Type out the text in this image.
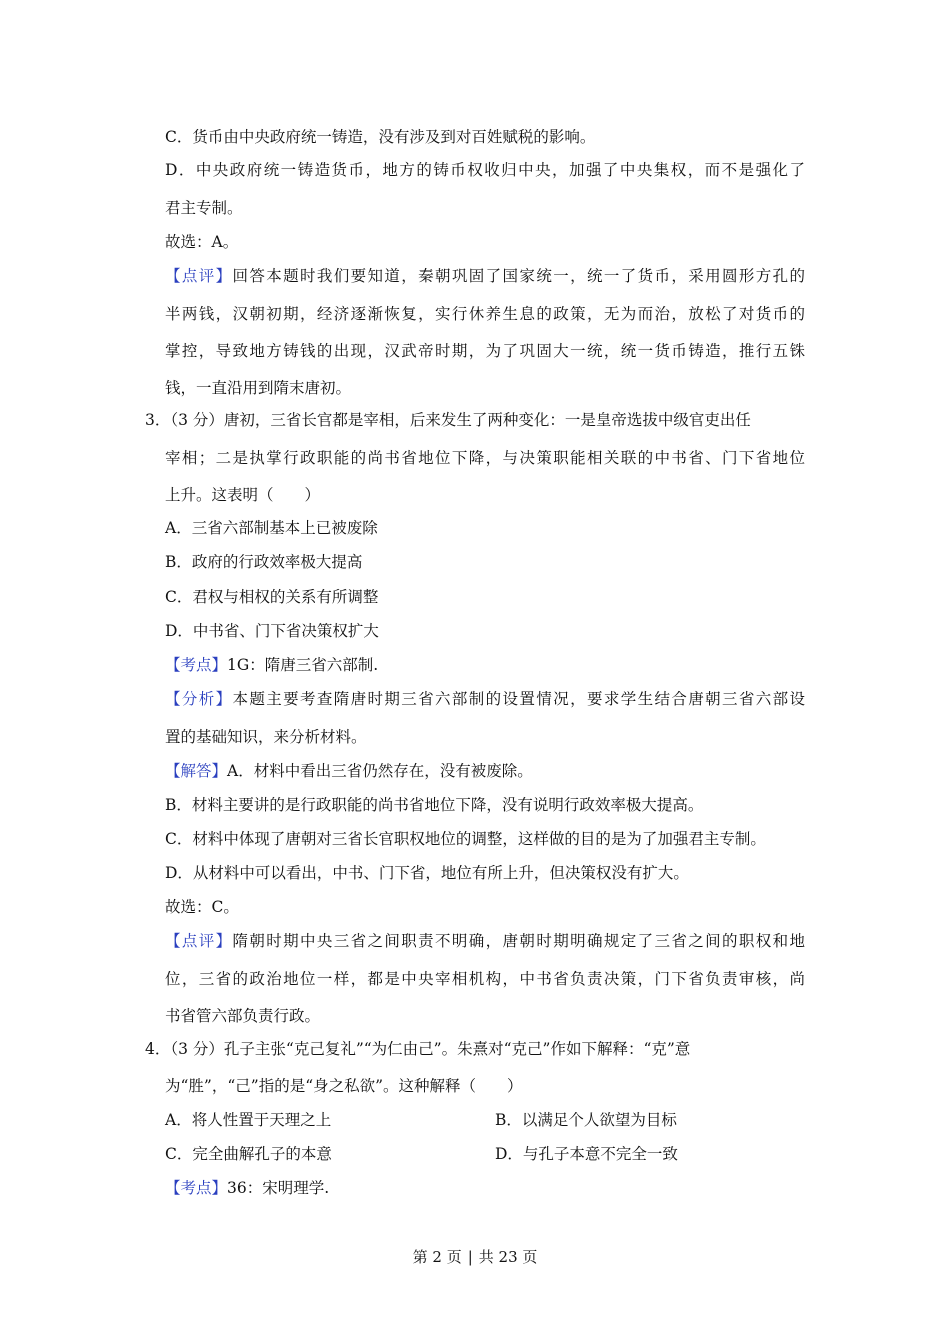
C．货币由中央政府统一铸造，没有涉及到对百姓赋税的影响。
D．中央政府统一铸造货币，地方的铸币权收归中央，加强了中央集权，而不是强化了
君主专制。
故选：A。
【点评】回答本题时我们要知道，秦朝巩固了国家统一，统一了货币，采用圆形方孔的
半两钱，汉朝初期，经济逐渐恢复，实行休养生息的政策，无为而治，放松了对货币的
掌控，导致地方铸钱的出现，汉武帝时期，为了巩固大一统，统一货币铸造，推行五铢
钱，一直沿用到隋末唐初。
3．（3 分）唐初，三省长官都是宰相，后来发生了两种变化：一是皇帝选拔中级官吏出任
宰相；二是执掌行政职能的尚书省地位下降，与决策职能相关联的中书省、门下省地位
上升。这表明（　　）
A．三省六部制基本上已被废除
B．政府的行政效率极大提高
C．君权与相权的关系有所调整
D．中书省、门下省决策权扩大
【考点】1G：隋唐三省六部制.
【分析】本题主要考查隋唐时期三省六部制的设置情况，要求学生结合唐朝三省六部设
置的基础知识，来分析材料。
【解答】A．材料中看出三省仍然存在，没有被废除。
B．材料主要讲的是行政职能的尚书省地位下降，没有说明行政效率极大提高。
C．材料中体现了唐朝对三省长官职权地位的调整，这样做的目的是为了加强君主专制。
D．从材料中可以看出，中书、门下省，地位有所上升，但决策权没有扩大。
故选：C。
【点评】隋朝时期中央三省之间职责不明确，唐朝时期明确规定了三省之间的职权和地
位，三省的政治地位一样，都是中央宰相机构，中书省负责决策，门下省负责审核，尚
书省管六部负责行政。
4．（3 分）孔子主张“克己复礼”“为仁由己”。朱熹对“克己”作如下解释：“克”意
为“胜”，“己”指的是“身之私欲”。这种解释（　　）
A．将人性置于天理之上	B．以满足个人欲望为目标
C．完全曲解孔子的本意	D．与孔子本意不完全一致
【考点】36：宋明理学.
第 2 页 | 共 23 页
